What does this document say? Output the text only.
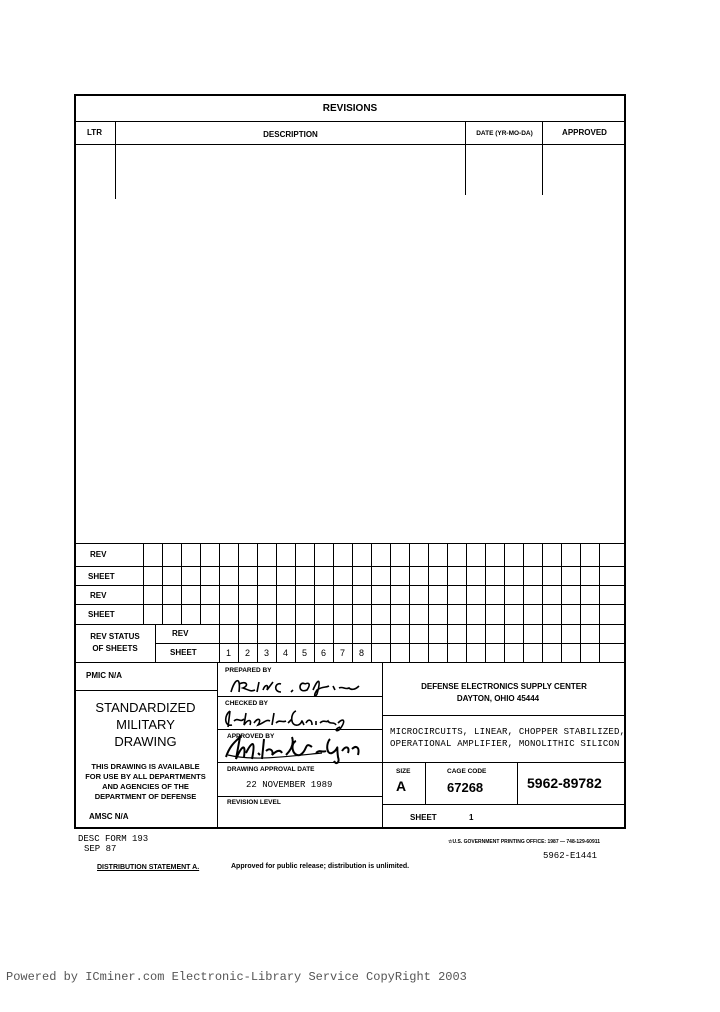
REVISIONS
LTR	DESCRIPTION	DATE (YR-MO-DA)	APPROVED
REV
SHEET
REV
SHEET
REV STATUS
OF SHEETS
REV
SHEET	1	2	3	4	5	6	7	8
PMIC N/A
STANDARDIZED
MILITARY
DRAWING
THIS DRAWING IS AVAILABLE
FOR USE BY ALL DEPARTMENTS
AND AGENCIES OF THE
DEPARTMENT OF DEFENSE
AMSC N/A
PREPARED BY
CHECKED BY
APPROVED BY
DRAWING APPROVAL DATE
22 NOVEMBER 1989
REVISION LEVEL
DEFENSE ELECTRONICS SUPPLY CENTER
DAYTON, OHIO 45444
MICROCIRCUITS, LINEAR, CHOPPER STABILIZED,
OPERATIONAL AMPLIFIER, MONOLITHIC SILICON
SIZE
A
CAGE CODE
67268	5962-89782
SHEET	1
DESC FORM 193
SEP 87
☆U.S. GOVERNMENT PRINTING OFFICE: 1987 — 748-129-60911
5962-E1441
DISTRIBUTION STATEMENT A.	Approved for public release; distribution is unlimited.
Powered by ICminer.com Electronic-Library Service CopyRight 2003
